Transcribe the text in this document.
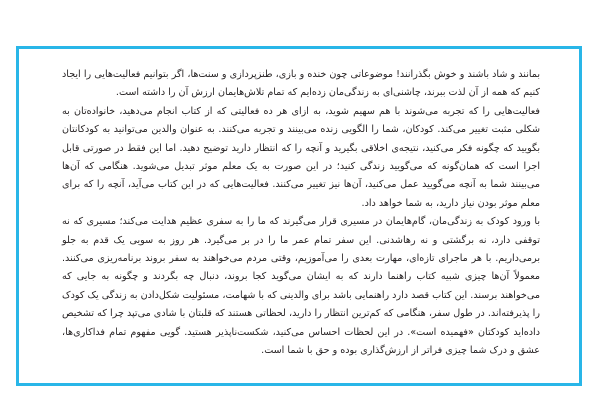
بمانند و شاد باشند و خوش بگذرانند! موضوعاتی چون خنده و بازی، طنزپردازی و سنت‌ها، اگر بتوانیم فعالیت‌هایی را ایجاد کنیم که همه از آن لذت ببرند، چاشنی‌ای به زندگی‌مان زده‌ایم که تمام تلاش‌هایمان ارزش آن را داشته است.

فعالیت‌هایی را که تجربه می‌شوند با هم سهیم شوید، به ازای هر ده فعالیتی که از کتاب انجام می‌دهید، خانواده‌تان به شکلی مثبت تغییر می‌کند. کودکان، شما را الگویی زنده می‌بینند و تجربه می‌کنند. به عنوان والدین می‌توانید به کودکانتان بگویید که چگونه فکر می‌کنید، نتیجه‌ی اخلاقی بگیرید و آنچه را که انتظار دارید توضیح دهید. اما این فقط در صورتی قابل اجرا است که همان‌گونه که می‌گویید زندگی کنید؛ در این صورت به یک معلم موثر تبدیل می‌شوید. هنگامی که آن‌ها می‌بینند شما به آنچه می‌گویید عمل می‌کنید، آن‌ها نیز تغییر می‌کنند. فعالیت‌هایی که در این کتاب می‌آید، آنچه را که برای معلم موثر بودن نیاز دارید، به شما خواهد داد.

با ورود کودک به زندگی‌مان، گام‌هایمان در مسیری قرار می‌گیرند که ما را به سفری عظیم هدایت می‌کند؛ مسیری که نه توقفی دارد، نه برگشتی و نه رهاشدنی. این سفر تمام عمر ما را در بر می‌گیرد. هر روز به سویی یک قدم به جلو برمی‌داریم. با هر ماجرای تازه‌ای، مهارت بعدی را می‌آموزیم، وقتی مردم می‌خواهند به سفر بروند برنامه‌ریزی می‌کنند. معمولاً آن‌ها چیزی شبیه کتاب راهنما دارند که به ایشان می‌گوید کجا بروند، دنبال چه بگردند و چگونه به جایی که می‌خواهند برسند. این کتاب قصد دارد راهنمایی باشد برای والدینی که با شهامت، مسئولیت شکل‌دادن به زندگی یک کودک را پذیرفته‌اند. در طول سفر، هنگامی که کم‌ترین انتظار را دارید، لحظاتی هستند که قلبتان با شادی می‌تپد چرا که تشخیص داده‌اید کودکتان «فهمیده است». در این لحظات احساس می‌کنید، شکست‌ناپذیر هستید. گویی مفهوم تمام فداکاری‌ها، عشق و درک شما چیزی فراتر از ارزش‌گذاری بوده و حق با شما است.
